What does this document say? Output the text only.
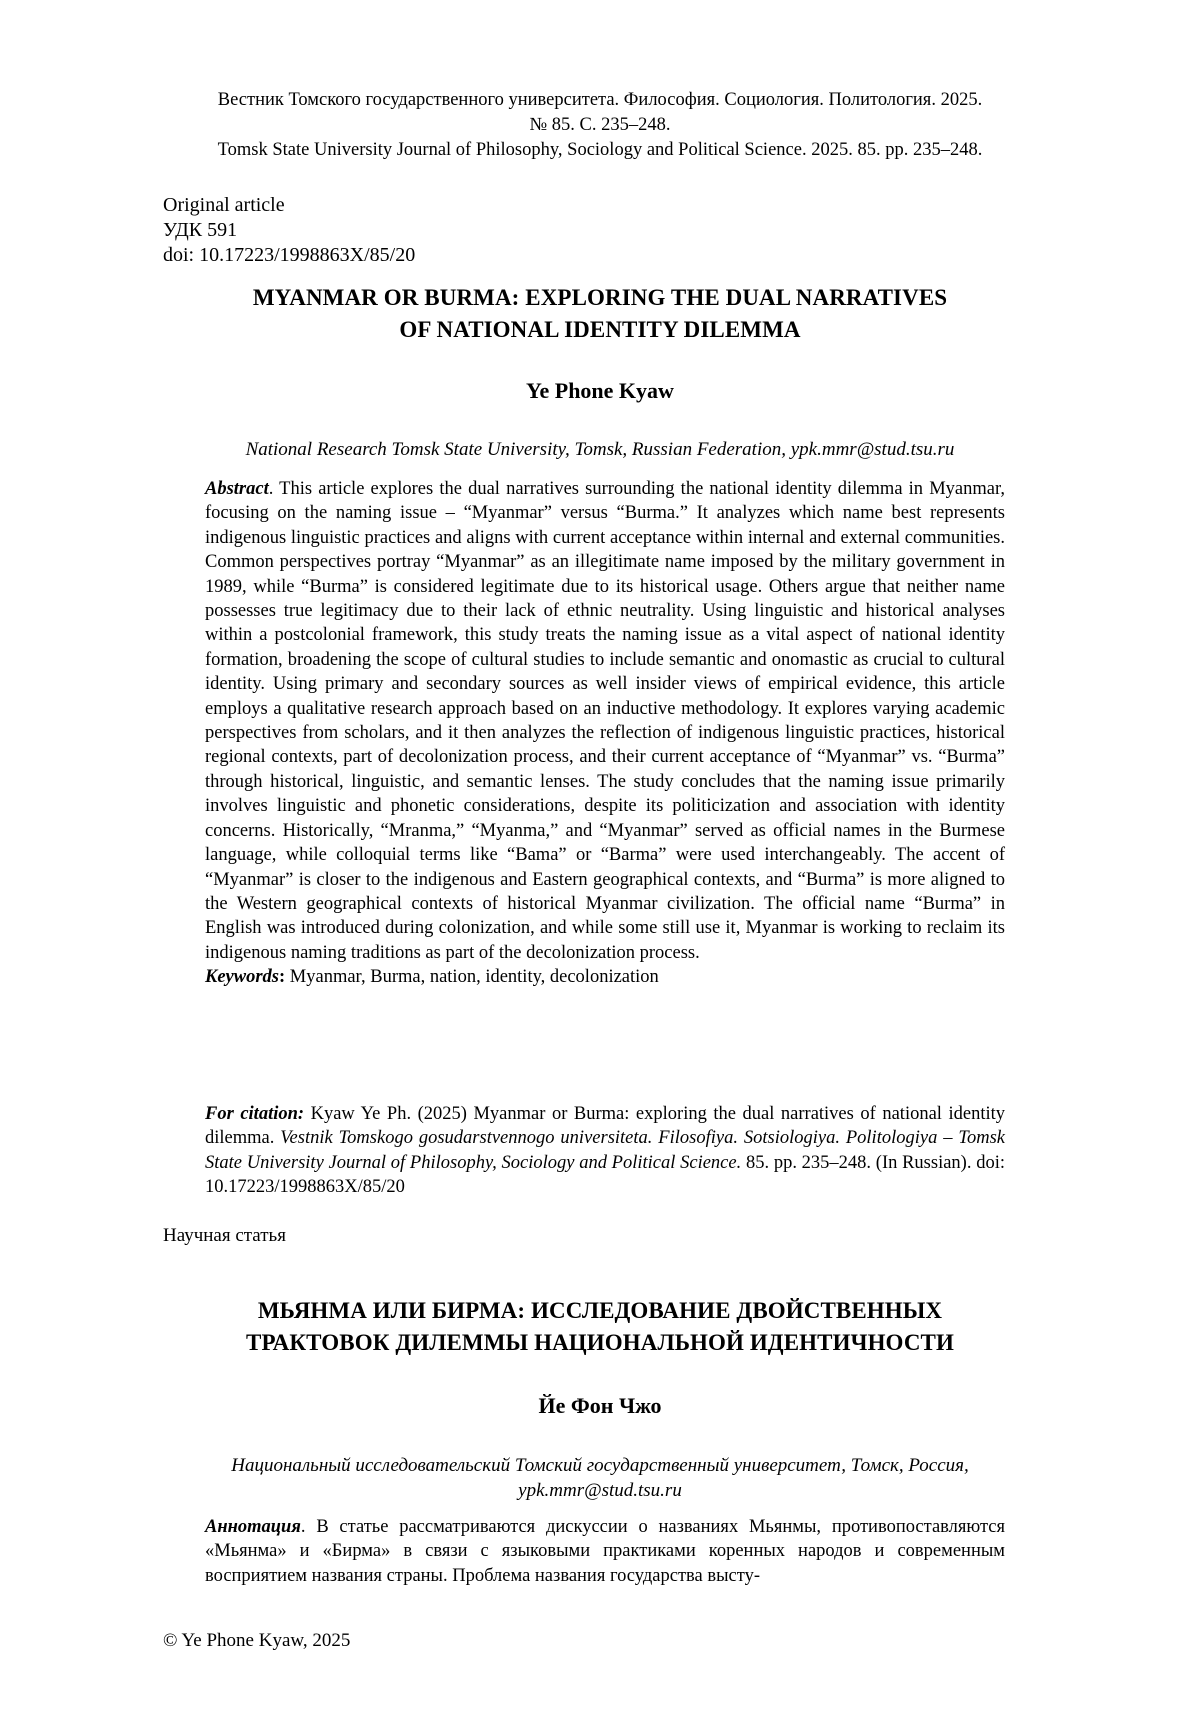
Вестник Томского государственного университета. Философия. Социология. Политология. 2025.
№ 85. С. 235–248.
Tomsk State University Journal of Philosophy, Sociology and Political Science. 2025. 85. pp. 235–248.
Original article
УДК 591
doi: 10.17223/1998863Х/85/20
MYANMAR OR BURMA: EXPLORING THE DUAL NARRATIVES
OF NATIONAL IDENTITY DILEMMA
Ye Phone Kyaw
National Research Tomsk State University, Tomsk, Russian Federation, ypk.mmr@stud.tsu.ru
Abstract. This article explores the dual narratives surrounding the national identity dilemma in Myanmar, focusing on the naming issue – “Myanmar” versus “Burma.” It analyzes which name best represents indigenous linguistic practices and aligns with current acceptance within internal and external communities. Common perspectives portray “Myanmar” as an illegitimate name imposed by the military government in 1989, while “Burma” is considered legitimate due to its historical usage. Others argue that neither name possesses true legitimacy due to their lack of ethnic neutrality. Using linguistic and historical analyses within a postcolonial framework, this study treats the naming issue as a vital aspect of national identity formation, broadening the scope of cultural studies to include semantic and onomastic as crucial to cultural identity. Using primary and secondary sources as well insider views of empirical evidence, this article employs a qualitative research approach based on an inductive methodology. It explores varying academic perspectives from scholars, and it then analyzes the reflection of indigenous linguistic practices, historical regional contexts, part of decolonization process, and their current acceptance of “Myanmar” vs. “Burma” through historical, linguistic, and semantic lenses. The study concludes that the naming issue primarily involves linguistic and phonetic considerations, despite its politicization and association with identity concerns. Historically, “Mranma,” “Myanma,” and “Myanmar” served as official names in the Burmese language, while colloquial terms like “Bama” or “Barma” were used interchangeably. The accent of “Myanmar” is closer to the indigenous and Eastern geographical contexts, and “Burma” is more aligned to the Western geographical contexts of historical Myanmar civilization. The official name “Burma” in English was introduced during colonization, and while some still use it, Myanmar is working to reclaim its indigenous naming traditions as part of the decolonization process.
Keywords: Myanmar, Burma, nation, identity, decolonization
For citation: Kyaw Ye Ph. (2025) Myanmar or Burma: exploring the dual narratives of national identity dilemma. Vestnik Tomskogo gosudarstvennogo universiteta. Filosofiya. Sotsiologiya. Politologiya – Tomsk State University Journal of Philosophy, Sociology and Political Science. 85. pp. 235–248. (In Russian). doi: 10.17223/1998863X/85/20
Научная статья
МЬЯНМА ИЛИ БИРМА: ИССЛЕДОВАНИЕ ДВОЙСТВЕННЫХ
ТРАКТОВОК ДИЛЕММЫ НАЦИОНАЛЬНОЙ ИДЕНТИЧНОСТИ
Йе Фон Чжо
Национальный исследовательский Томский государственный университет, Томск, Россия,
ypk.mmr@stud.tsu.ru
Аннотация. В статье рассматриваются дискуссии о названиях Мьянмы, противопоставляются «Мьянма» и «Бирма» в связи с языковыми практиками коренных народов и современным восприятием названия страны. Проблема названия государства высту-
© Ye Phone Kyaw, 2025
